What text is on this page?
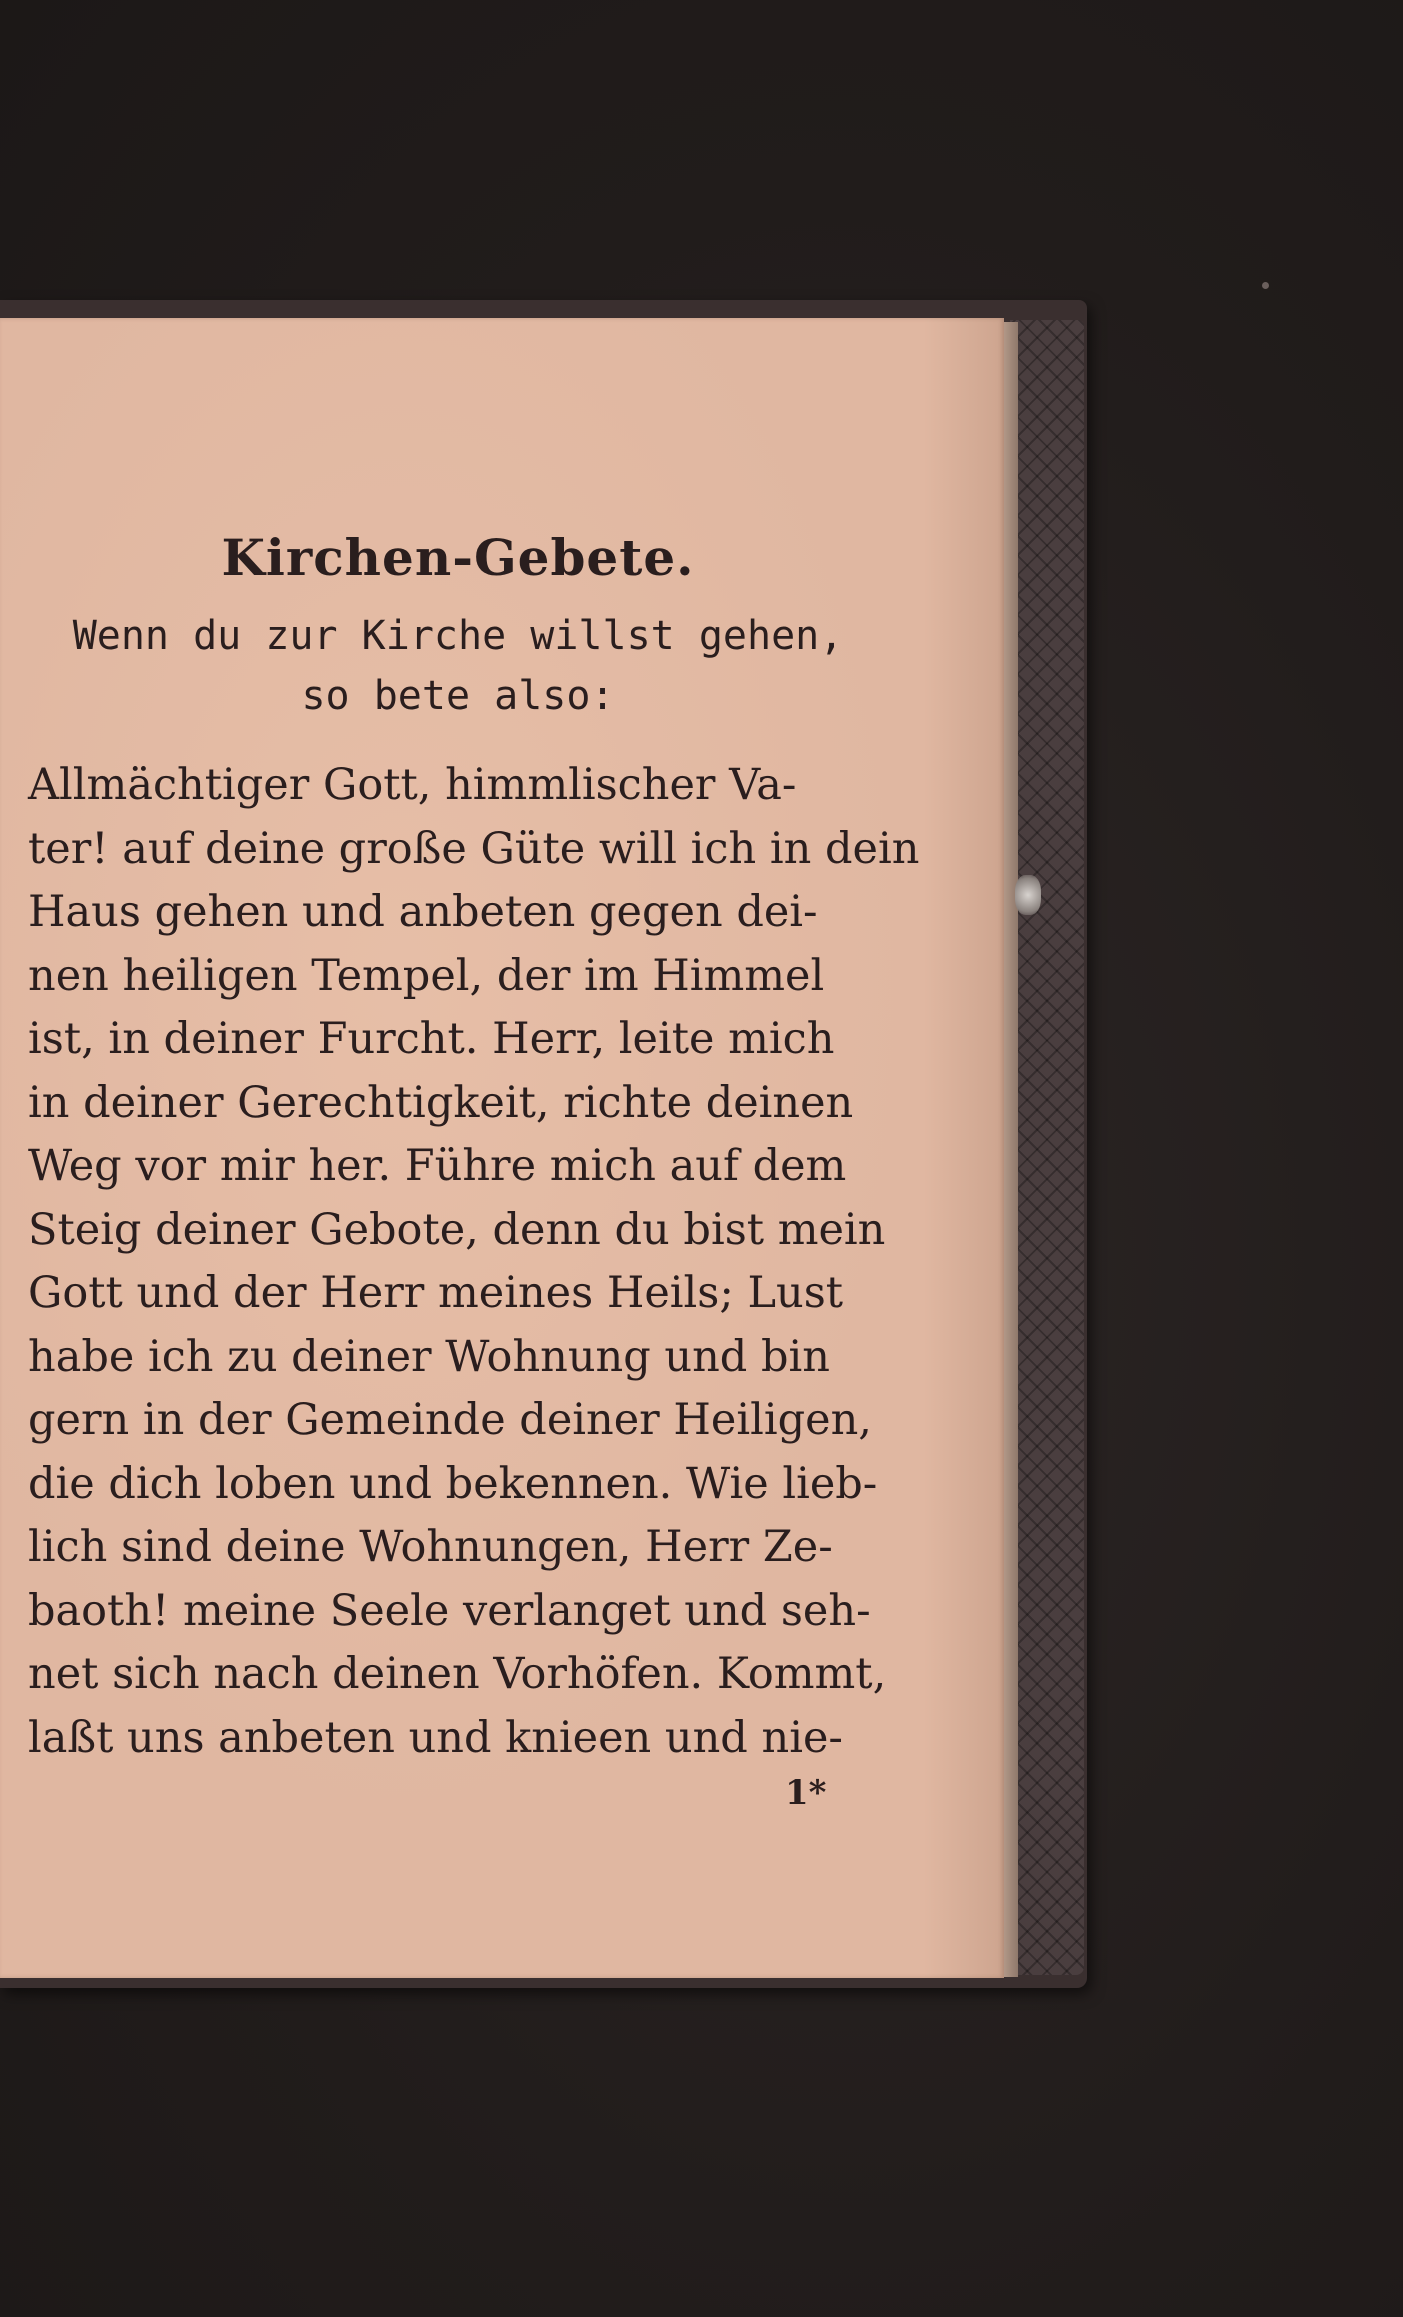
Kirchen-Gebete.
Wenn du zur Kirche willst gehen,
so bete also:
Allmächtiger Gott, himmlischer Va-
ter! auf deine große Güte will ich in dein
Haus gehen und anbeten gegen dei-
nen heiligen Tempel, der im Himmel
ist, in deiner Furcht. Herr, leite mich
in deiner Gerechtigkeit, richte deinen
Weg vor mir her. Führe mich auf dem
Steig deiner Gebote, denn du bist mein
Gott und der Herr meines Heils; Lust
habe ich zu deiner Wohnung und bin
gern in der Gemeinde deiner Heiligen,
die dich loben und bekennen. Wie lieb-
lich sind deine Wohnungen, Herr Ze-
baoth! meine Seele verlanget und seh-
net sich nach deinen Vorhöfen. Kommt,
laßt uns anbeten und knieen und nie-
1*
